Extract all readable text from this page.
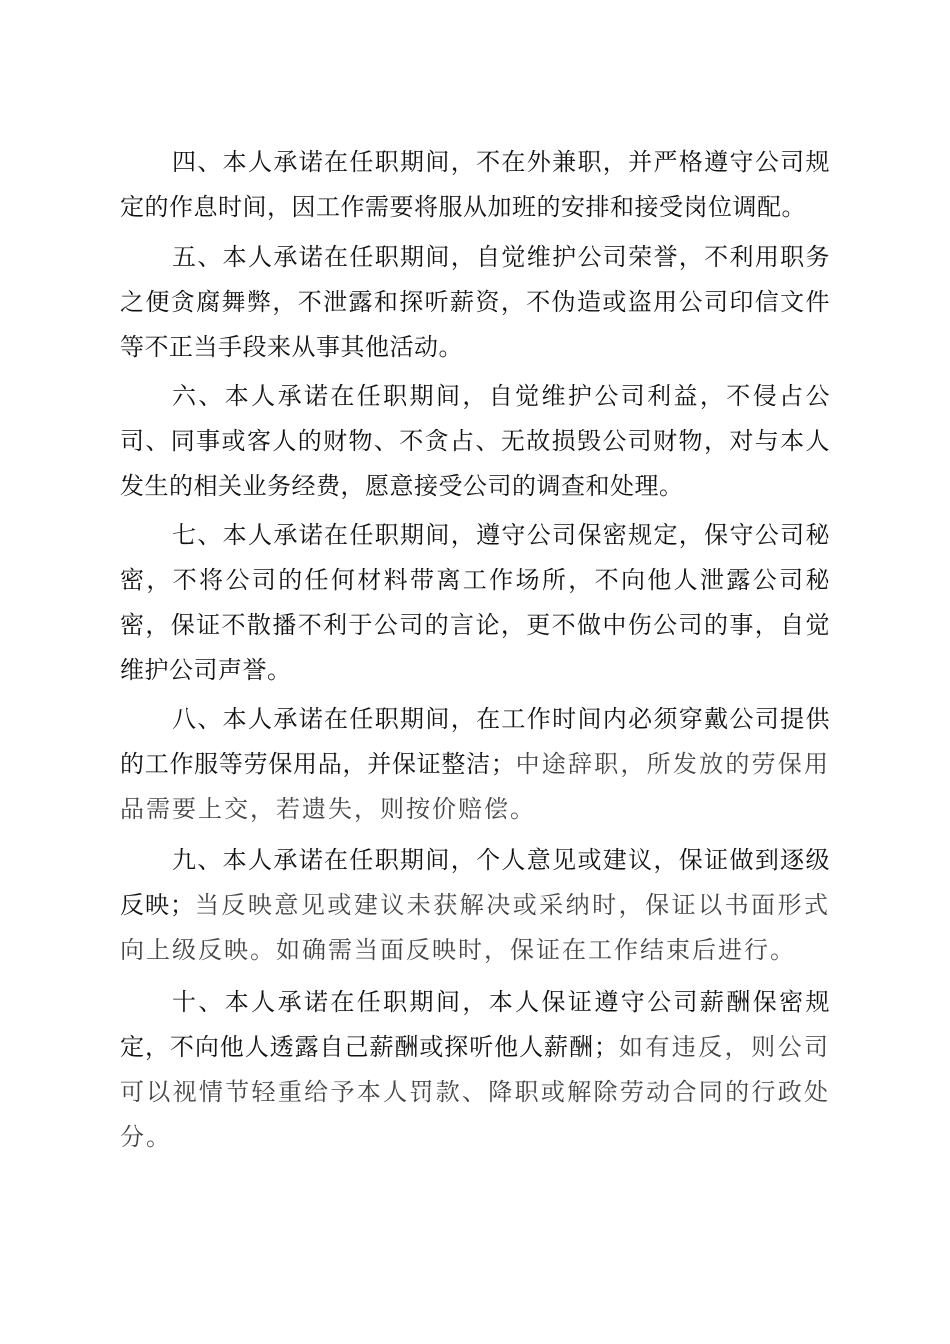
四、本人承诺在任职期间，不在外兼职，并严格遵守公司规定的作息时间，因工作需要将服从加班的安排和接受岗位调配。

五、本人承诺在任职期间，自觉维护公司荣誉，不利用职务之便贪腐舞弊，不泄露和探听薪资，不伪造或盗用公司印信文件等不正当手段来从事其他活动。

六、本人承诺在任职期间，自觉维护公司利益，不侵占公司、同事或客人的财物、不贪占、无故损毁公司财物，对与本人发生的相关业务经费，愿意接受公司的调查和处理。

七、本人承诺在任职期间，遵守公司保密规定，保守公司秘密，不将公司的任何材料带离工作场所，不向他人泄露公司秘密，保证不散播不利于公司的言论，更不做中伤公司的事，自觉维护公司声誉。

八、本人承诺在任职期间，在工作时间内必须穿戴公司提供的工作服等劳保用品，并保证整洁；中途辞职，所发放的劳保用品需要上交，若遗失，则按价赔偿。

九、本人承诺在任职期间，个人意见或建议，保证做到逐级反映；当反映意见或建议未获解决或采纳时，保证以书面形式向上级反映。如确需当面反映时，保证在工作结束后进行。

十、本人承诺在任职期间，本人保证遵守公司薪酬保密规定，不向他人透露自己薪酬或探听他人薪酬；如有违反，则公司可以视情节轻重给予本人罚款、降职或解除劳动合同的行政处分。
